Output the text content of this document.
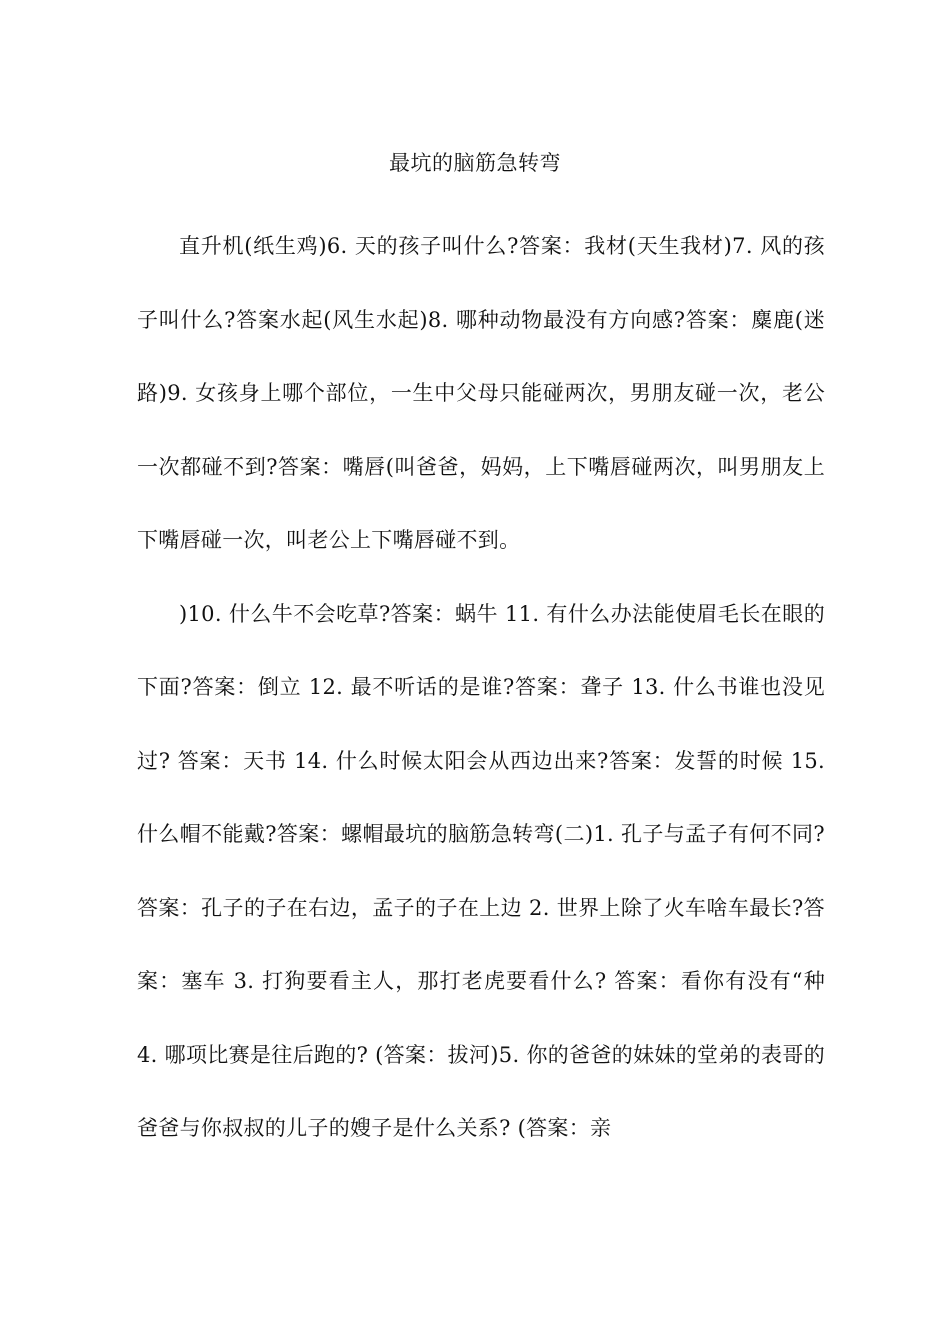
最坑的脑筋急转弯

直升机(纸生鸡)6. 天的孩子叫什么?答案：我材(天生我材)7. 风的孩子叫什么?答案水起(风生水起)8. 哪种动物最没有方向感?答案：麋鹿(迷路)9. 女孩身上哪个部位，一生中父母只能碰两次，男朋友碰一次，老公一次都碰不到?答案：嘴唇(叫爸爸，妈妈，上下嘴唇碰两次，叫男朋友上下嘴唇碰一次，叫老公上下嘴唇碰不到。

)10. 什么牛不会吃草?答案：蜗牛 11. 有什么办法能使眉毛长在眼的下面?答案：倒立 12. 最不听话的是谁?答案：聋子 13. 什么书谁也没见过? 答案：天书 14. 什么时候太阳会从西边出来?答案：发誓的时候 15. 什么帽不能戴?答案：螺帽最坑的脑筋急转弯(二)1. 孔子与孟子有何不同?答案：孔子的子在右边，孟子的子在上边 2. 世界上除了火车啥车最长?答案：塞车 3. 打狗要看主人，那打老虎要看什么? 答案：看你有没有“种 4. 哪项比赛是往后跑的? (答案：拔河)5. 你的爸爸的妹妹的堂弟的表哥的爸爸与你叔叔的儿子的嫂子是什么关系? (答案：亲
